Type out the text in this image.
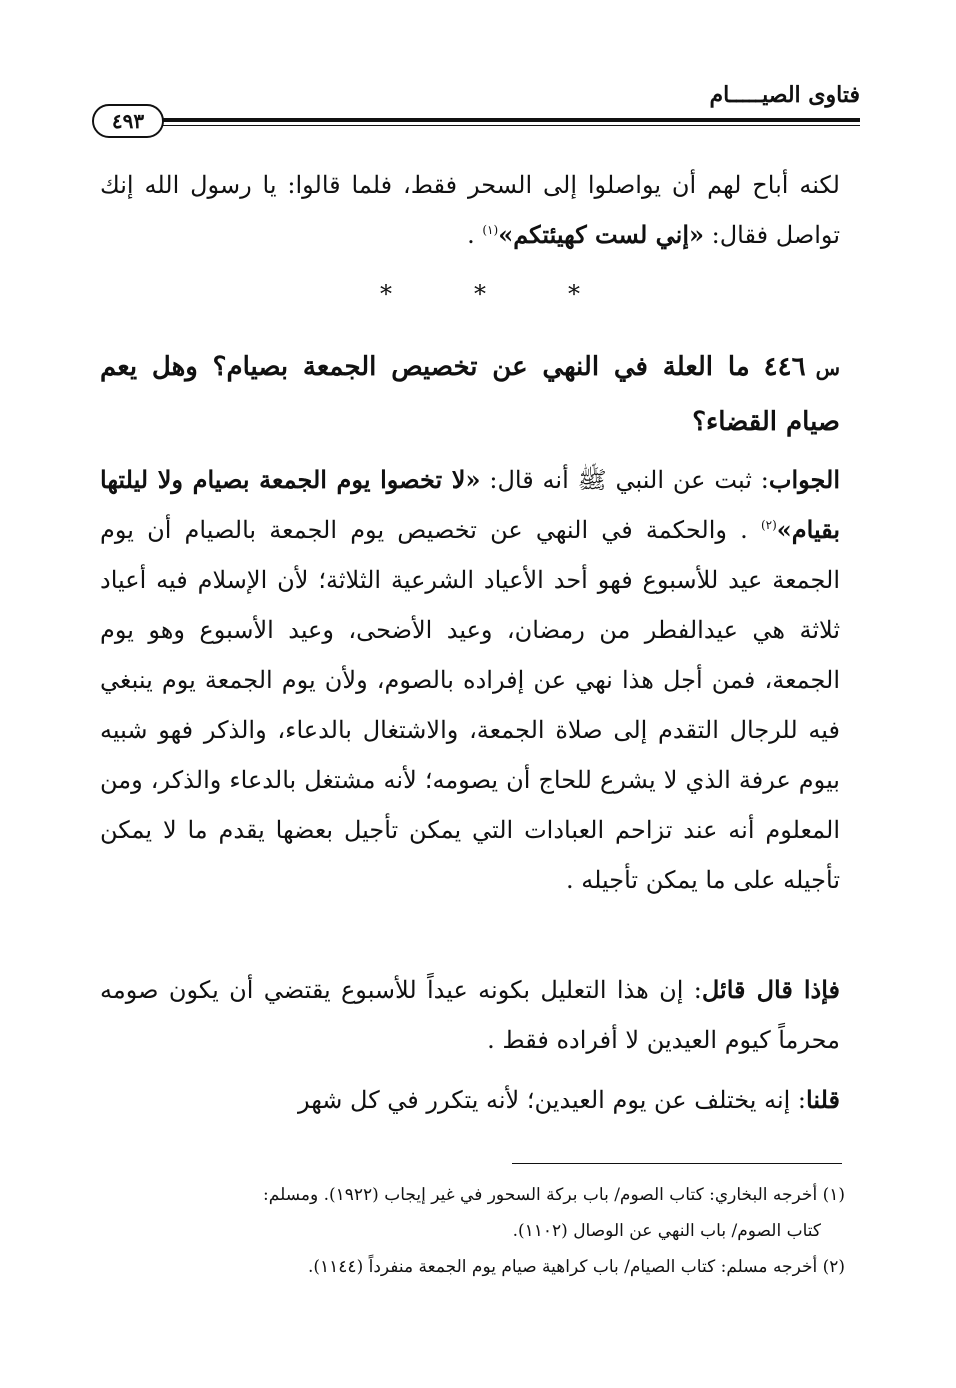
فتاوى الصيـــــام
٤٩٣
لكنه أباح لهم أن يواصلوا إلى السحر فقط، فلما قالوا: يا رسول الله إنك تواصل فقال: «إني لست كهيئتكم»$^{(١)}$ .
*	*	*
س٤٤٦ما العلة في النهي عن تخصيص الجمعة بصيام؟ وهل يعم صيام القضاء؟
الجواب: ثبت عن النبي ﷺ أنه قال: «لا تخصوا يوم الجمعة بصيام ولا ليلتها بقيام»$^{(٢)}$ . والحكمة في النهي عن تخصيص يوم الجمعة بالصيام أن يوم الجمعة عيد للأسبوع فهو أحد الأعياد الشرعية الثلاثة؛ لأن الإسلام فيه أعياد ثلاثة هي عيدالفطر من رمضان، وعيد الأضحى، وعيد الأسبوع وهو يوم الجمعة، فمن أجل هذا نهي عن إفراده بالصوم، ولأن يوم الجمعة يوم ينبغي فيه للرجال التقدم إلى صلاة الجمعة، والاشتغال بالدعاء، والذكر فهو شبيه بيوم عرفة الذي لا يشرع للحاج أن يصومه؛ لأنه مشتغل بالدعاء والذكر، ومن المعلوم أنه عند تزاحم العبادات التي يمكن تأجيل بعضها يقدم ما لا يمكن تأجيله على ما يمكن تأجيله .
فإذا قال قائل: إن هذا التعليل بكونه عيداً للأسبوع يقتضي أن يكون صومه محرماً كيوم العيدين لا أفراده فقط .
قلنا: إنه يختلف عن يوم العيدين؛ لأنه يتكرر في كل شهر

(١) أخرجه البخاري: كتاب الصوم/ باب بركة السحور في غير إيجاب (١٩٢٢). ومسلم:

كتاب الصوم/ باب النهي عن الوصال (١١٠٢).

(٢) أخرجه مسلم: كتاب الصيام/ باب كراهية صيام يوم الجمعة منفرداً (١١٤٤).
